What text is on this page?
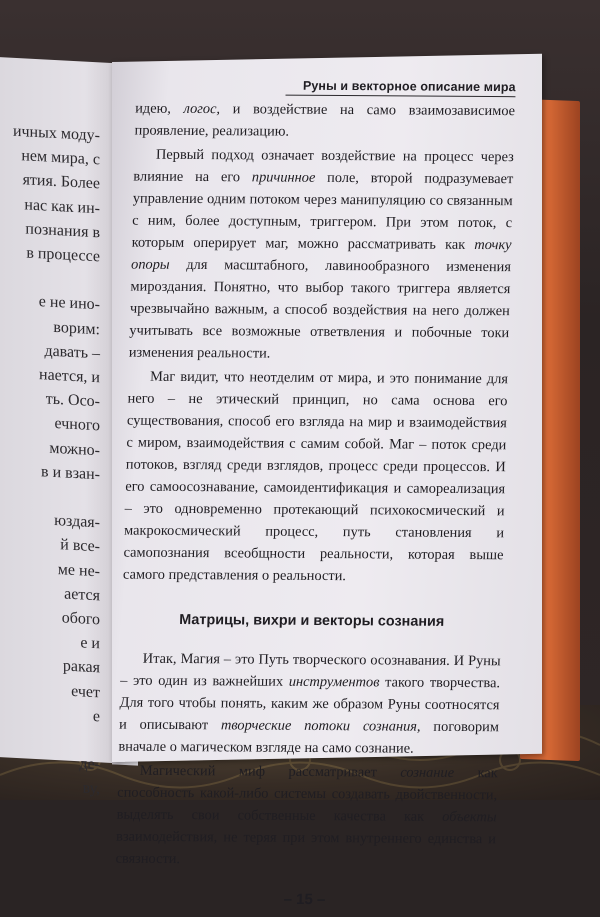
ичных моду-
нем мира, с
ятия. Более
нас как ин-
познания в
в процессе

е не ино-
ворим:
давать –
нается, и
ть. Осо-
ечного
можно-
в и взан-

юздая-
й все-
ме не-
ается
обого
е и
ракая
ечет
е

де-
ву,
Руны и векторное описание мира

идею, логос, и воздействие на само взаимозависимое проявление, реализацию.

Первый подход означает воздействие на процесс через влияние на его причинное поле, второй подразумевает управление одним потоком через манипуляцию со связанным с ним, более доступным, триггером. При этом поток, с которым оперирует маг, можно рассматривать как точку опоры для масштабного, лавинообразного изменения мироздания. Понятно, что выбор такого триггера является чрезвычайно важным, а способ воздействия на него должен учитывать все возможные ответвления и побочные токи изменения реальности.

Маг видит, что неотделим от мира, и это понимание для него – не этический принцип, но сама основа его существования, способ его взгляда на мир и взаимодействия с миром, взаимодействия с самим собой. Маг – поток среди потоков, взгляд среди взглядов, процесс среди процессов. И его самоосознавание, самоидентификация и самореализация – это одновременно протекающий психокосмический и макрокосмический процесс, путь становления и самопознания всеобщности реальности, которая выше самого представления о реальности.

Матрицы, вихри и векторы сознания

Итак, Магия – это Путь творческого осознавания. И Руны – это один из важнейших инструментов такого творчества. Для того чтобы понять, каким же образом Руны соотносятся и описывают творческие потоки сознания, поговорим вначале о магическом взгляде на само сознание.

Магический миф рассматривает сознание как способность какой-либо системы создавать двойственности, выделять свои собственные качества как объекты взаимодействия, не теряя при этом внутреннего единства и связности.

– 15 –
